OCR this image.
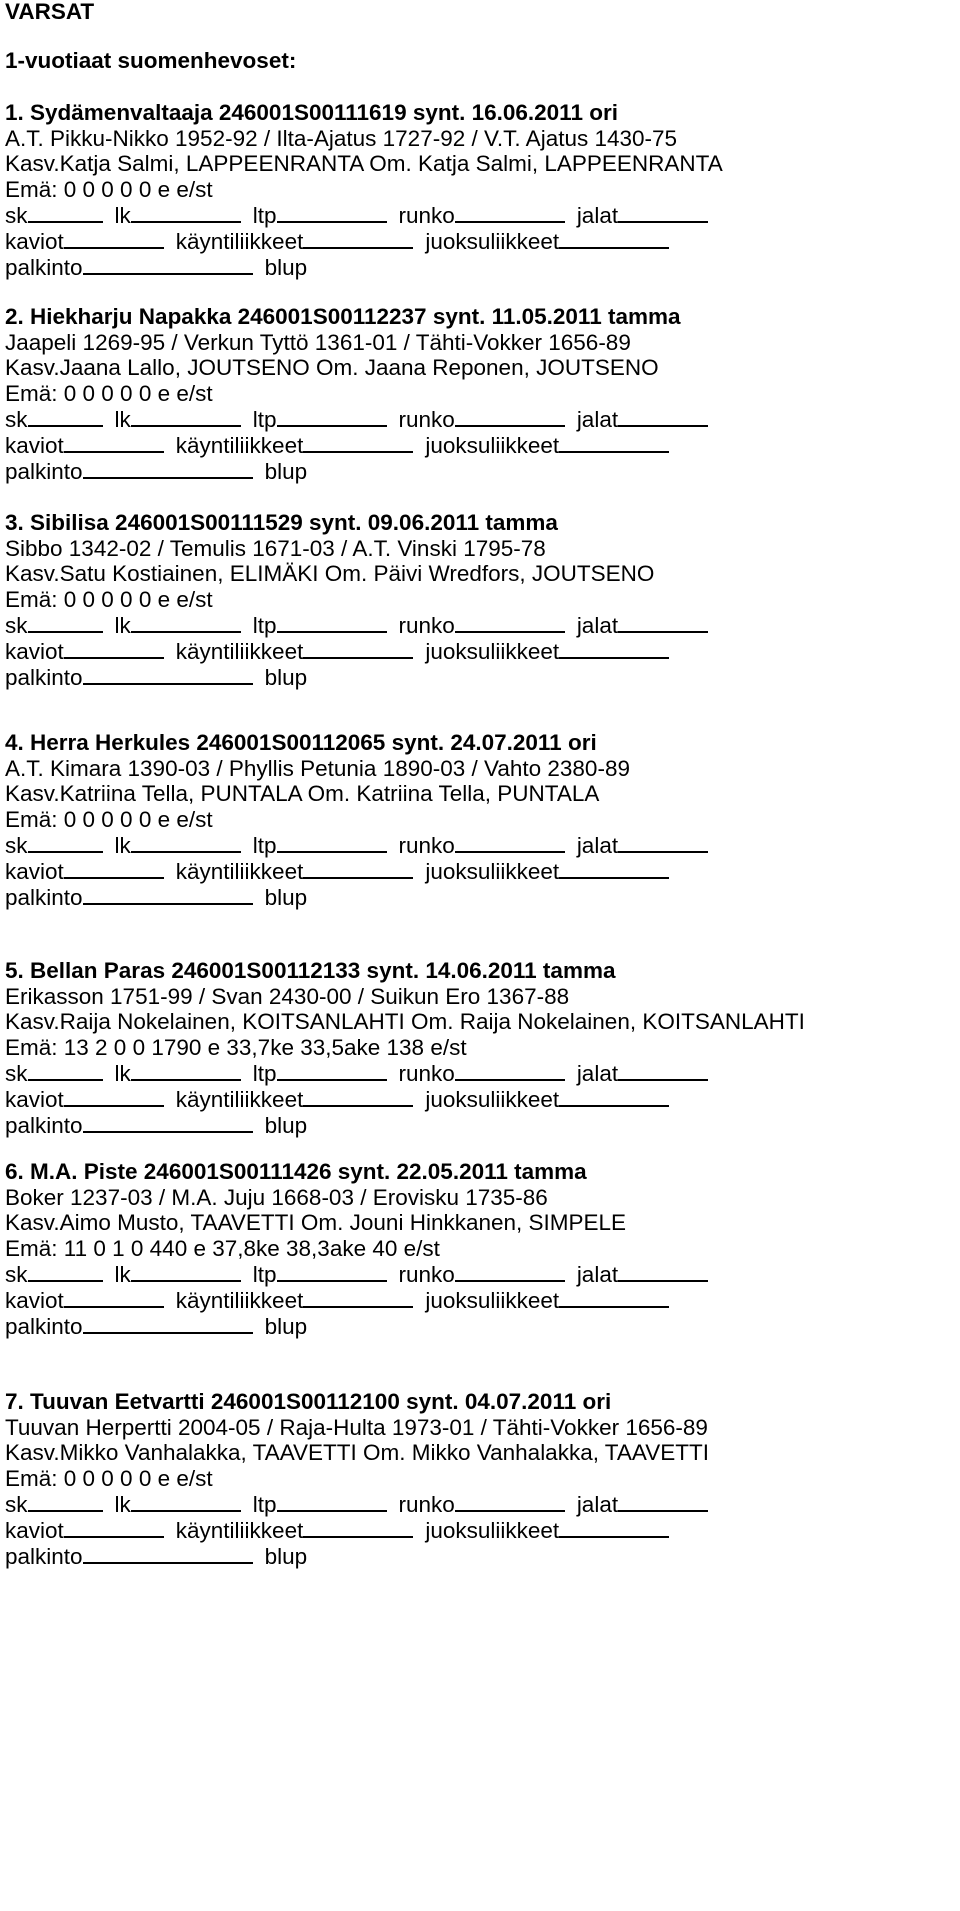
VARSAT
1-vuotiaat suomenhevoset:
1. Sydämenvaltaaja 246001S00111619 synt. 16.06.2011 ori
A.T. Pikku-Nikko 1952-92 / Ilta-Ajatus 1727-92 / V.T. Ajatus 1430-75
Kasv.Katja Salmi, LAPPEENRANTA Om. Katja Salmi, LAPPEENRANTA
Emä: 0 0 0 0 0 e e/st
sk	lk	ltp	runko	jalat
kaviot	käyntiliikkeet	juoksuliikkeet
palkinto	blup
2. Hiekharju Napakka 246001S00112237 synt. 11.05.2011 tamma
Jaapeli 1269-95 / Verkun Tyttö 1361-01 / Tähti-Vokker 1656-89
Kasv.Jaana Lallo, JOUTSENO Om. Jaana Reponen, JOUTSENO
Emä: 0 0 0 0 0 e e/st
sk	lk	ltp	runko	jalat
kaviot	käyntiliikkeet	juoksuliikkeet
palkinto	blup
3. Sibilisa 246001S00111529 synt. 09.06.2011 tamma
Sibbo 1342-02 / Temulis 1671-03 / A.T. Vinski 1795-78
Kasv.Satu Kostiainen, ELIMÄKI Om. Päivi Wredfors, JOUTSENO
Emä: 0 0 0 0 0 e e/st
sk	lk	ltp	runko	jalat
kaviot	käyntiliikkeet	juoksuliikkeet
palkinto	blup
4. Herra Herkules 246001S00112065 synt. 24.07.2011 ori
A.T. Kimara 1390-03 / Phyllis Petunia 1890-03 / Vahto 2380-89
Kasv.Katriina Tella, PUNTALA Om. Katriina Tella, PUNTALA
Emä: 0 0 0 0 0 e e/st
sk	lk	ltp	runko	jalat
kaviot	käyntiliikkeet	juoksuliikkeet
palkinto	blup
5. Bellan Paras 246001S00112133 synt. 14.06.2011 tamma
Erikasson 1751-99 / Svan 2430-00 / Suikun Ero 1367-88
Kasv.Raija Nokelainen, KOITSANLAHTI Om. Raija Nokelainen, KOITSANLAHTI
Emä: 13 2 0 0 1790 e 33,7ke 33,5ake 138 e/st
sk	lk	ltp	runko	jalat
kaviot	käyntiliikkeet	juoksuliikkeet
palkinto	blup
6. M.A. Piste 246001S00111426 synt. 22.05.2011 tamma
Boker 1237-03 / M.A. Juju 1668-03 / Erovisku 1735-86
Kasv.Aimo Musto, TAAVETTI Om. Jouni Hinkkanen, SIMPELE
Emä: 11 0 1 0 440 e 37,8ke 38,3ake 40 e/st
sk	lk	ltp	runko	jalat
kaviot	käyntiliikkeet	juoksuliikkeet
palkinto	blup
7. Tuuvan Eetvartti 246001S00112100 synt. 04.07.2011 ori
Tuuvan Herpertti 2004-05 / Raja-Hulta 1973-01 / Tähti-Vokker 1656-89
Kasv.Mikko Vanhalakka, TAAVETTI Om. Mikko Vanhalakka, TAAVETTI
Emä: 0 0 0 0 0 e e/st
sk	lk	ltp	runko	jalat
kaviot	käyntiliikkeet	juoksuliikkeet
palkinto	blup
